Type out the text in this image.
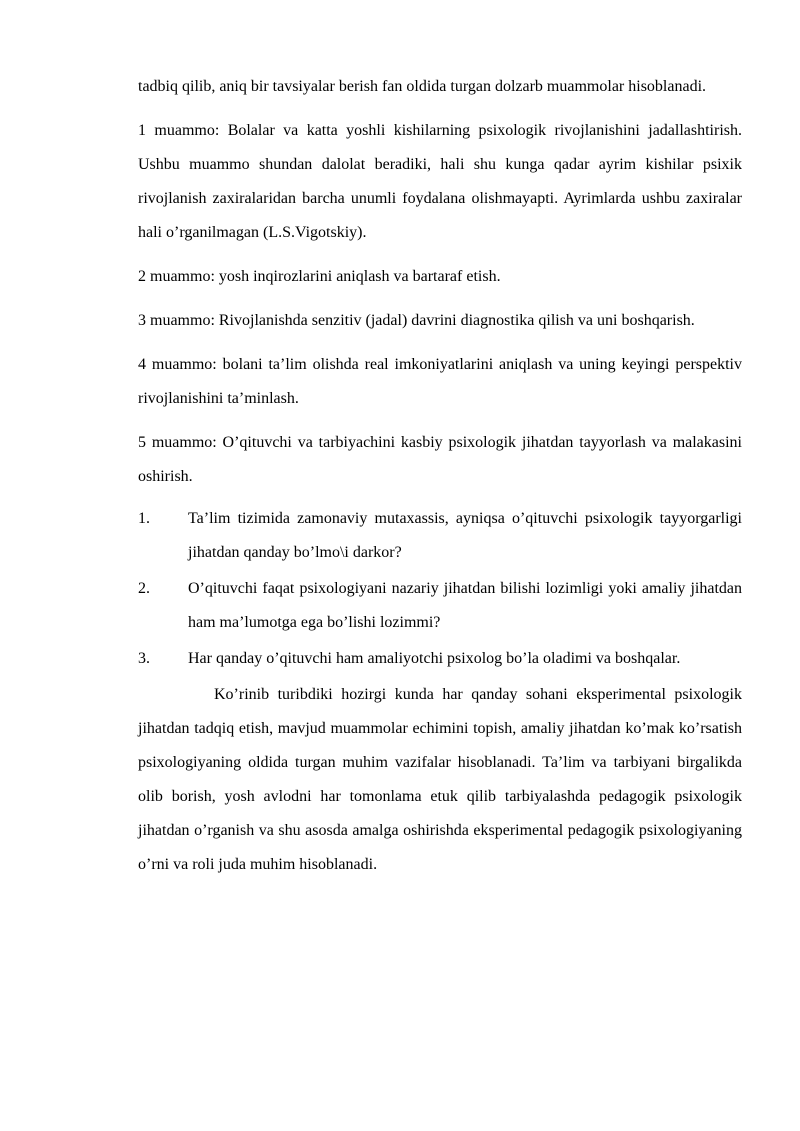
tadbiq qilib, aniq bir tavsiyalar berish fan oldida turgan dolzarb muammolar hisoblanadi.

1 muammo: Bolalar va katta yoshli kishilarning psixologik rivojlanishini jadallashtirish. Ushbu muammo shundan dalolat beradiki, hali shu kunga qadar ayrim kishilar psixik rivojlanish zaxiralaridan barcha unumli foydalana olishmayapti. Ayrimlarda ushbu zaxiralar hali o’rganilmagan (L.S.Vigotskiy).

2 muammo: yosh inqirozlarini aniqlash va bartaraf etish.

3 muammo: Rivojlanishda senzitiv (jadal) davrini diagnostika qilish va uni boshqarish.

4 muammo: bolani ta’lim olishda real imkoniyatlarini aniqlash va uning keyingi perspektiv rivojlanishini ta’minlash.

5 muammo: O’qituvchi va tarbiyachini kasbiy psixologik jihatdan tayyorlash va malakasini oshirish.

1.	Ta’lim tizimida zamonaviy mutaxassis, ayniqsa o’qituvchi psixologik tayyorgarligi jihatdan qanday bo’lmo\i darkor?
2.	O’qituvchi faqat psixologiyani nazariy jihatdan bilishi lozimligi yoki amaliy jihatdan ham ma’lumotga ega bo’lishi lozimmi?
3.	Har qanday o’qituvchi ham amaliyotchi psixolog bo’la oladimi va boshqalar.

Ko’rinib turibdiki hozirgi kunda har qanday sohani eksperimental psixologik jihatdan tadqiq etish, mavjud muammolar echimini topish, amaliy jihatdan ko’mak ko’rsatish psixologiyaning oldida turgan muhim vazifalar hisoblanadi. Ta’lim va tarbiyani birgalikda olib borish, yosh avlodni har tomonlama etuk qilib tarbiyalashda pedagogik psixologik jihatdan o’rganish va shu asosda amalga oshirishda eksperimental pedagogik psixologiyaning o’rni va roli juda muhim hisoblanadi.
